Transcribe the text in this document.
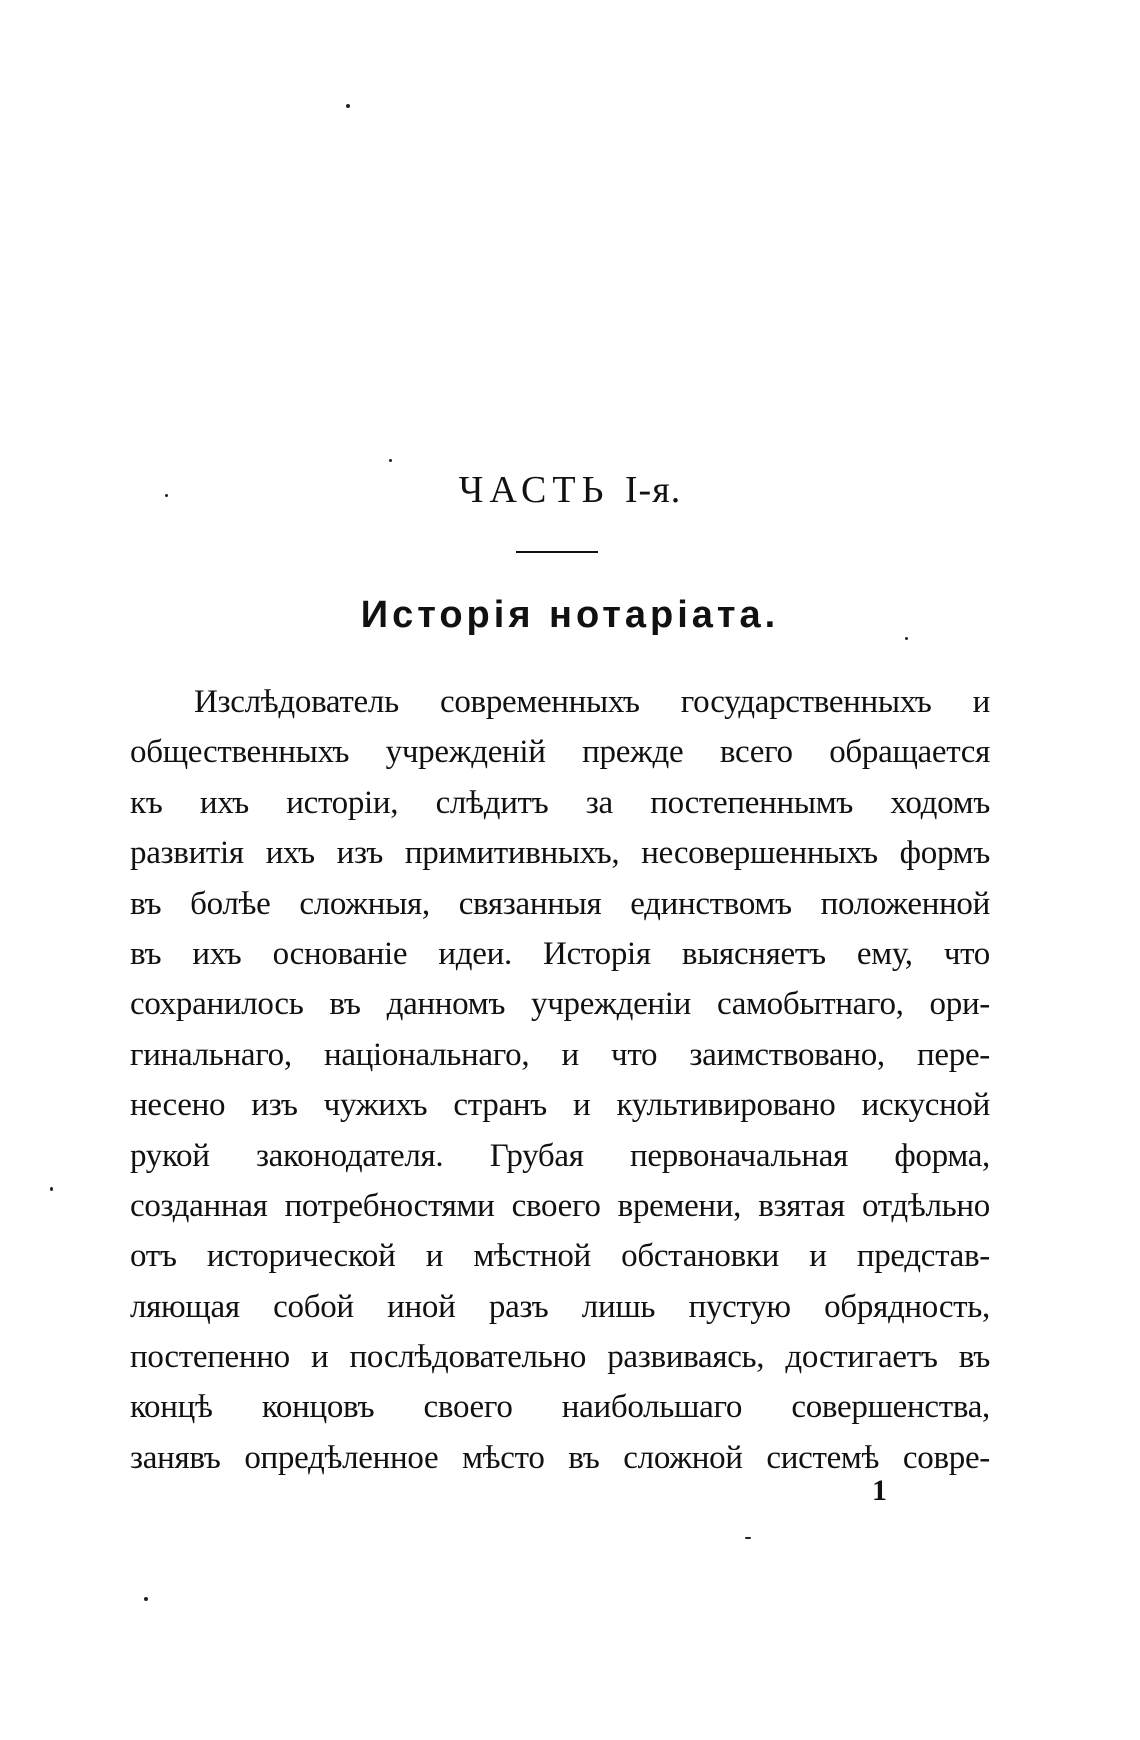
ЧАСТЬ I-я.
Исторія нотаріата.
Изслѣдователь современныхъ государственныхъ и
общественныхъ учрежденій прежде всего обращается
къ ихъ исторіи, слѣдитъ за постепеннымъ ходомъ
развитія ихъ изъ примитивныхъ, несовершенныхъ формъ
въ болѣе сложныя, связанныя единствомъ положенной
въ ихъ основаніе идеи. Исторія выясняетъ ему, что
сохранилось въ данномъ учрежденіи самобытнаго, ори-
гинальнаго, національнаго, и что заимствовано, пере-
несено изъ чужихъ странъ и культивировано искусной
рукой законодателя. Грубая первоначальная форма,
созданная потребностями своего времени, взятая отдѣльно
отъ исторической и мѣстной обстановки и представ-
ляющая собой иной разъ лишь пустую обрядность,
постепенно и послѣдовательно развиваясь, достигаетъ въ
концѣ концовъ своего наибольшаго совершенства,
занявъ опредѣленное мѣсто въ сложной системѣ совре-
1
